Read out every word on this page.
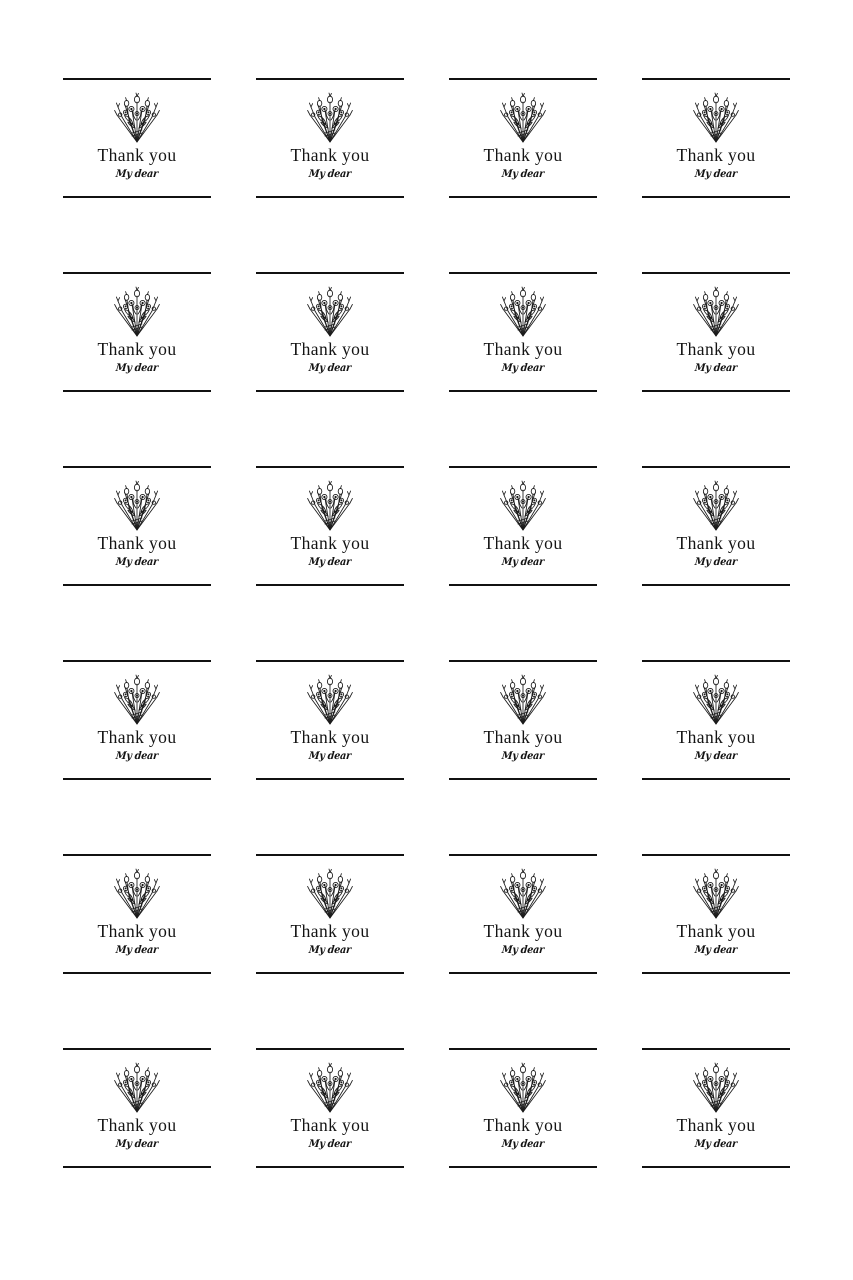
Thank you
My dear
Thank you
My dear
Thank you
My dear
Thank you
My dear
Thank you
My dear
Thank you
My dear
Thank you
My dear
Thank you
My dear
Thank you
My dear
Thank you
My dear
Thank you
My dear
Thank you
My dear
Thank you
My dear
Thank you
My dear
Thank you
My dear
Thank you
My dear
Thank you
My dear
Thank you
My dear
Thank you
My dear
Thank you
My dear
Thank you
My dear
Thank you
My dear
Thank you
My dear
Thank you
My dear
